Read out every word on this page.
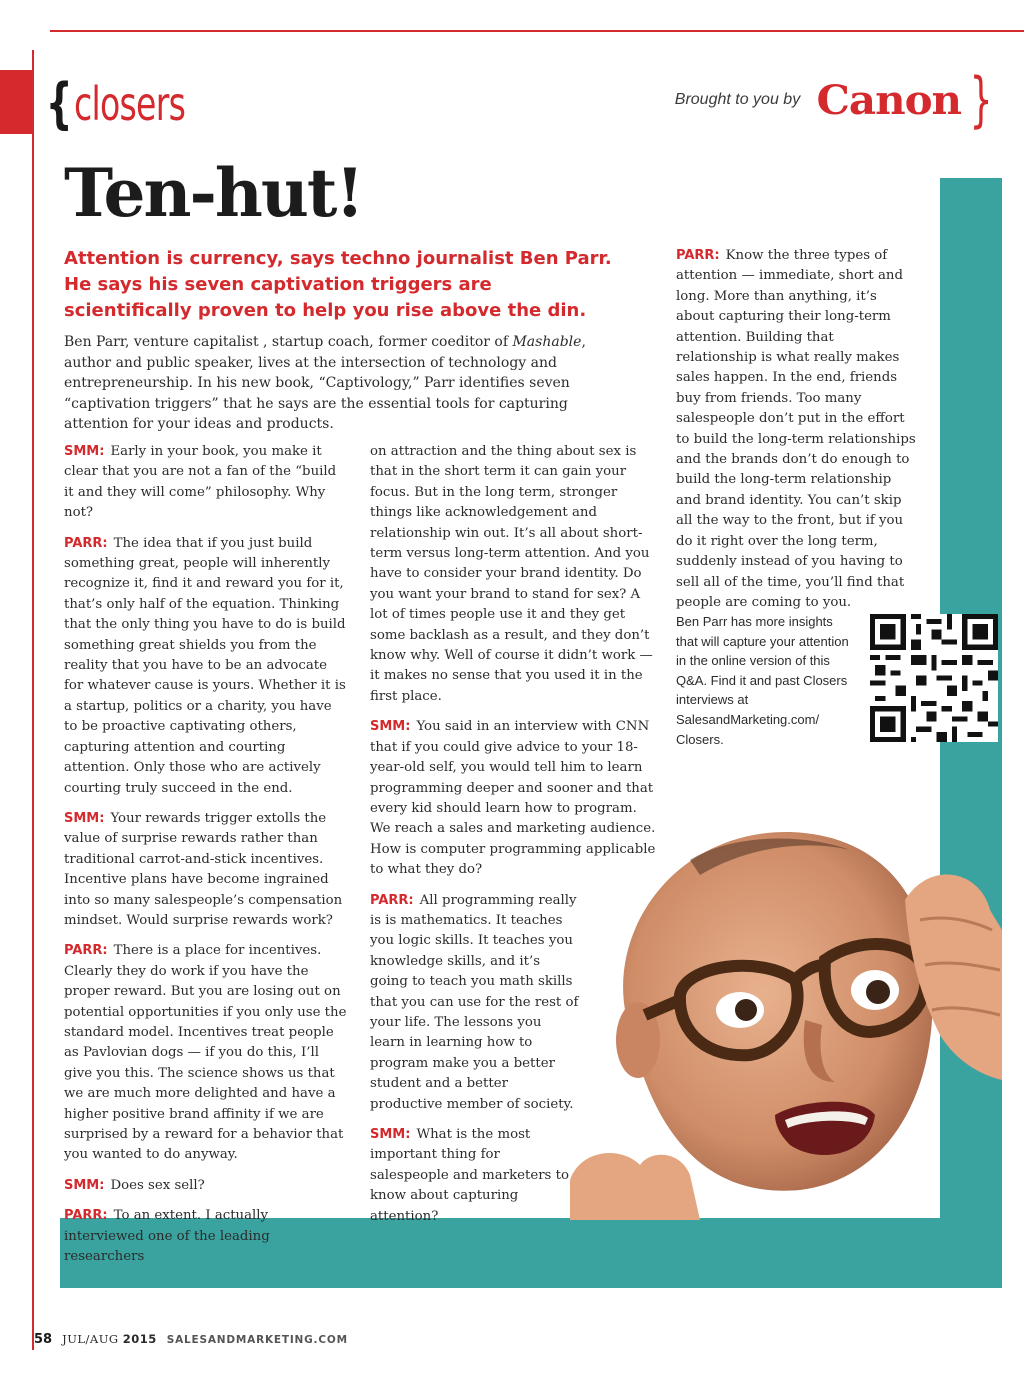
{ closers	Brought to you by Canon }
Ten-hut!

Attention is currency, says techno journalist Ben Parr. He says his seven captivation triggers are scientifically proven to help you rise above the din.

Ben Parr, venture capitalist , startup coach, former coeditor of Mashable, author and public speaker, lives at the intersection of technology and entrepreneurship. In his new book, “Captivology,” Parr identifies seven “captivation triggers” that he says are the essential tools for capturing attention for your ideas and products.

SMM: Early in your book, you make it clear that you are not a fan of the “build it and they will come” philosophy. Why not?

PARR: The idea that if you just build something great, people will inherently recognize it, find it and reward you for it, that’s only half of the equation. Thinking that the only thing you have to do is build something great shields you from the reality that you have to be an advocate for whatever cause is yours. Whether it is a startup, politics or a charity, you have to be proactive captivating others, capturing attention and courting attention. Only those who are actively courting truly succeed in the end.

SMM: Your rewards trigger extolls the value of surprise rewards rather than traditional carrot-and-stick incentives. Incentive plans have become ingrained into so many salespeople’s compensation mindset. Would surprise rewards work?

PARR: There is a place for incentives. Clearly they do work if you have the proper reward. But you are losing out on potential opportunities if you only use the standard model. Incentives treat people as Pavlovian dogs — if you do this, I’ll give you this. The science shows us that we are much more delighted and have a higher positive brand affinity if we are surprised by a reward for a behavior that you wanted to do anyway.

SMM: Does sex sell?

PARR: To an extent. I actually interviewed one of the leading researchers

on attraction and the thing about sex is that in the short term it can gain your focus. But in the long term, stronger things like acknowledgement and relationship win out. It’s all about short-term versus long-term attention. And you have to consider your brand identity. Do you want your brand to stand for sex? A lot of times people use it and they get some backlash as a result, and they don’t know why. Well of course it didn’t work — it makes no sense that you used it in the first place.

SMM: You said in an interview with CNN that if you could give advice to your 18-year-old self, you would tell him to learn programming deeper and sooner and that every kid should learn how to program. We reach a sales and marketing audience. How is computer programming applicable to what they do?

PARR: All programming really is is mathematics. It teaches you logic skills. It teaches you knowledge skills, and it’s going to teach you math skills that you can use for the rest of your life. The lessons you learn in learning how to program make you a better student and a better productive member of society.

SMM: What is the most important thing for salespeople and marketers to know about capturing attention?

PARR: Know the three types of attention — immediate, short and long. More than anything, it’s about capturing their long-term attention. Building that relationship is what really makes sales happen. In the end, friends buy from friends. Too many salespeople don’t put in the effort to build the long-term relationships and the brands don’t do enough to build the long-term relationship and brand identity. You can’t skip all the way to the front, but if you do it right over the long term, suddenly instead of you having to sell all of the time, you’ll find that people are coming to you.

Ben Parr has more insights that will capture your attention in the online version of this Q&A. Find it and past Closers interviews at SalesandMarketing.com/ Closers.

58 JUL/AUG 2015 SALESANDMARKETING.COM
